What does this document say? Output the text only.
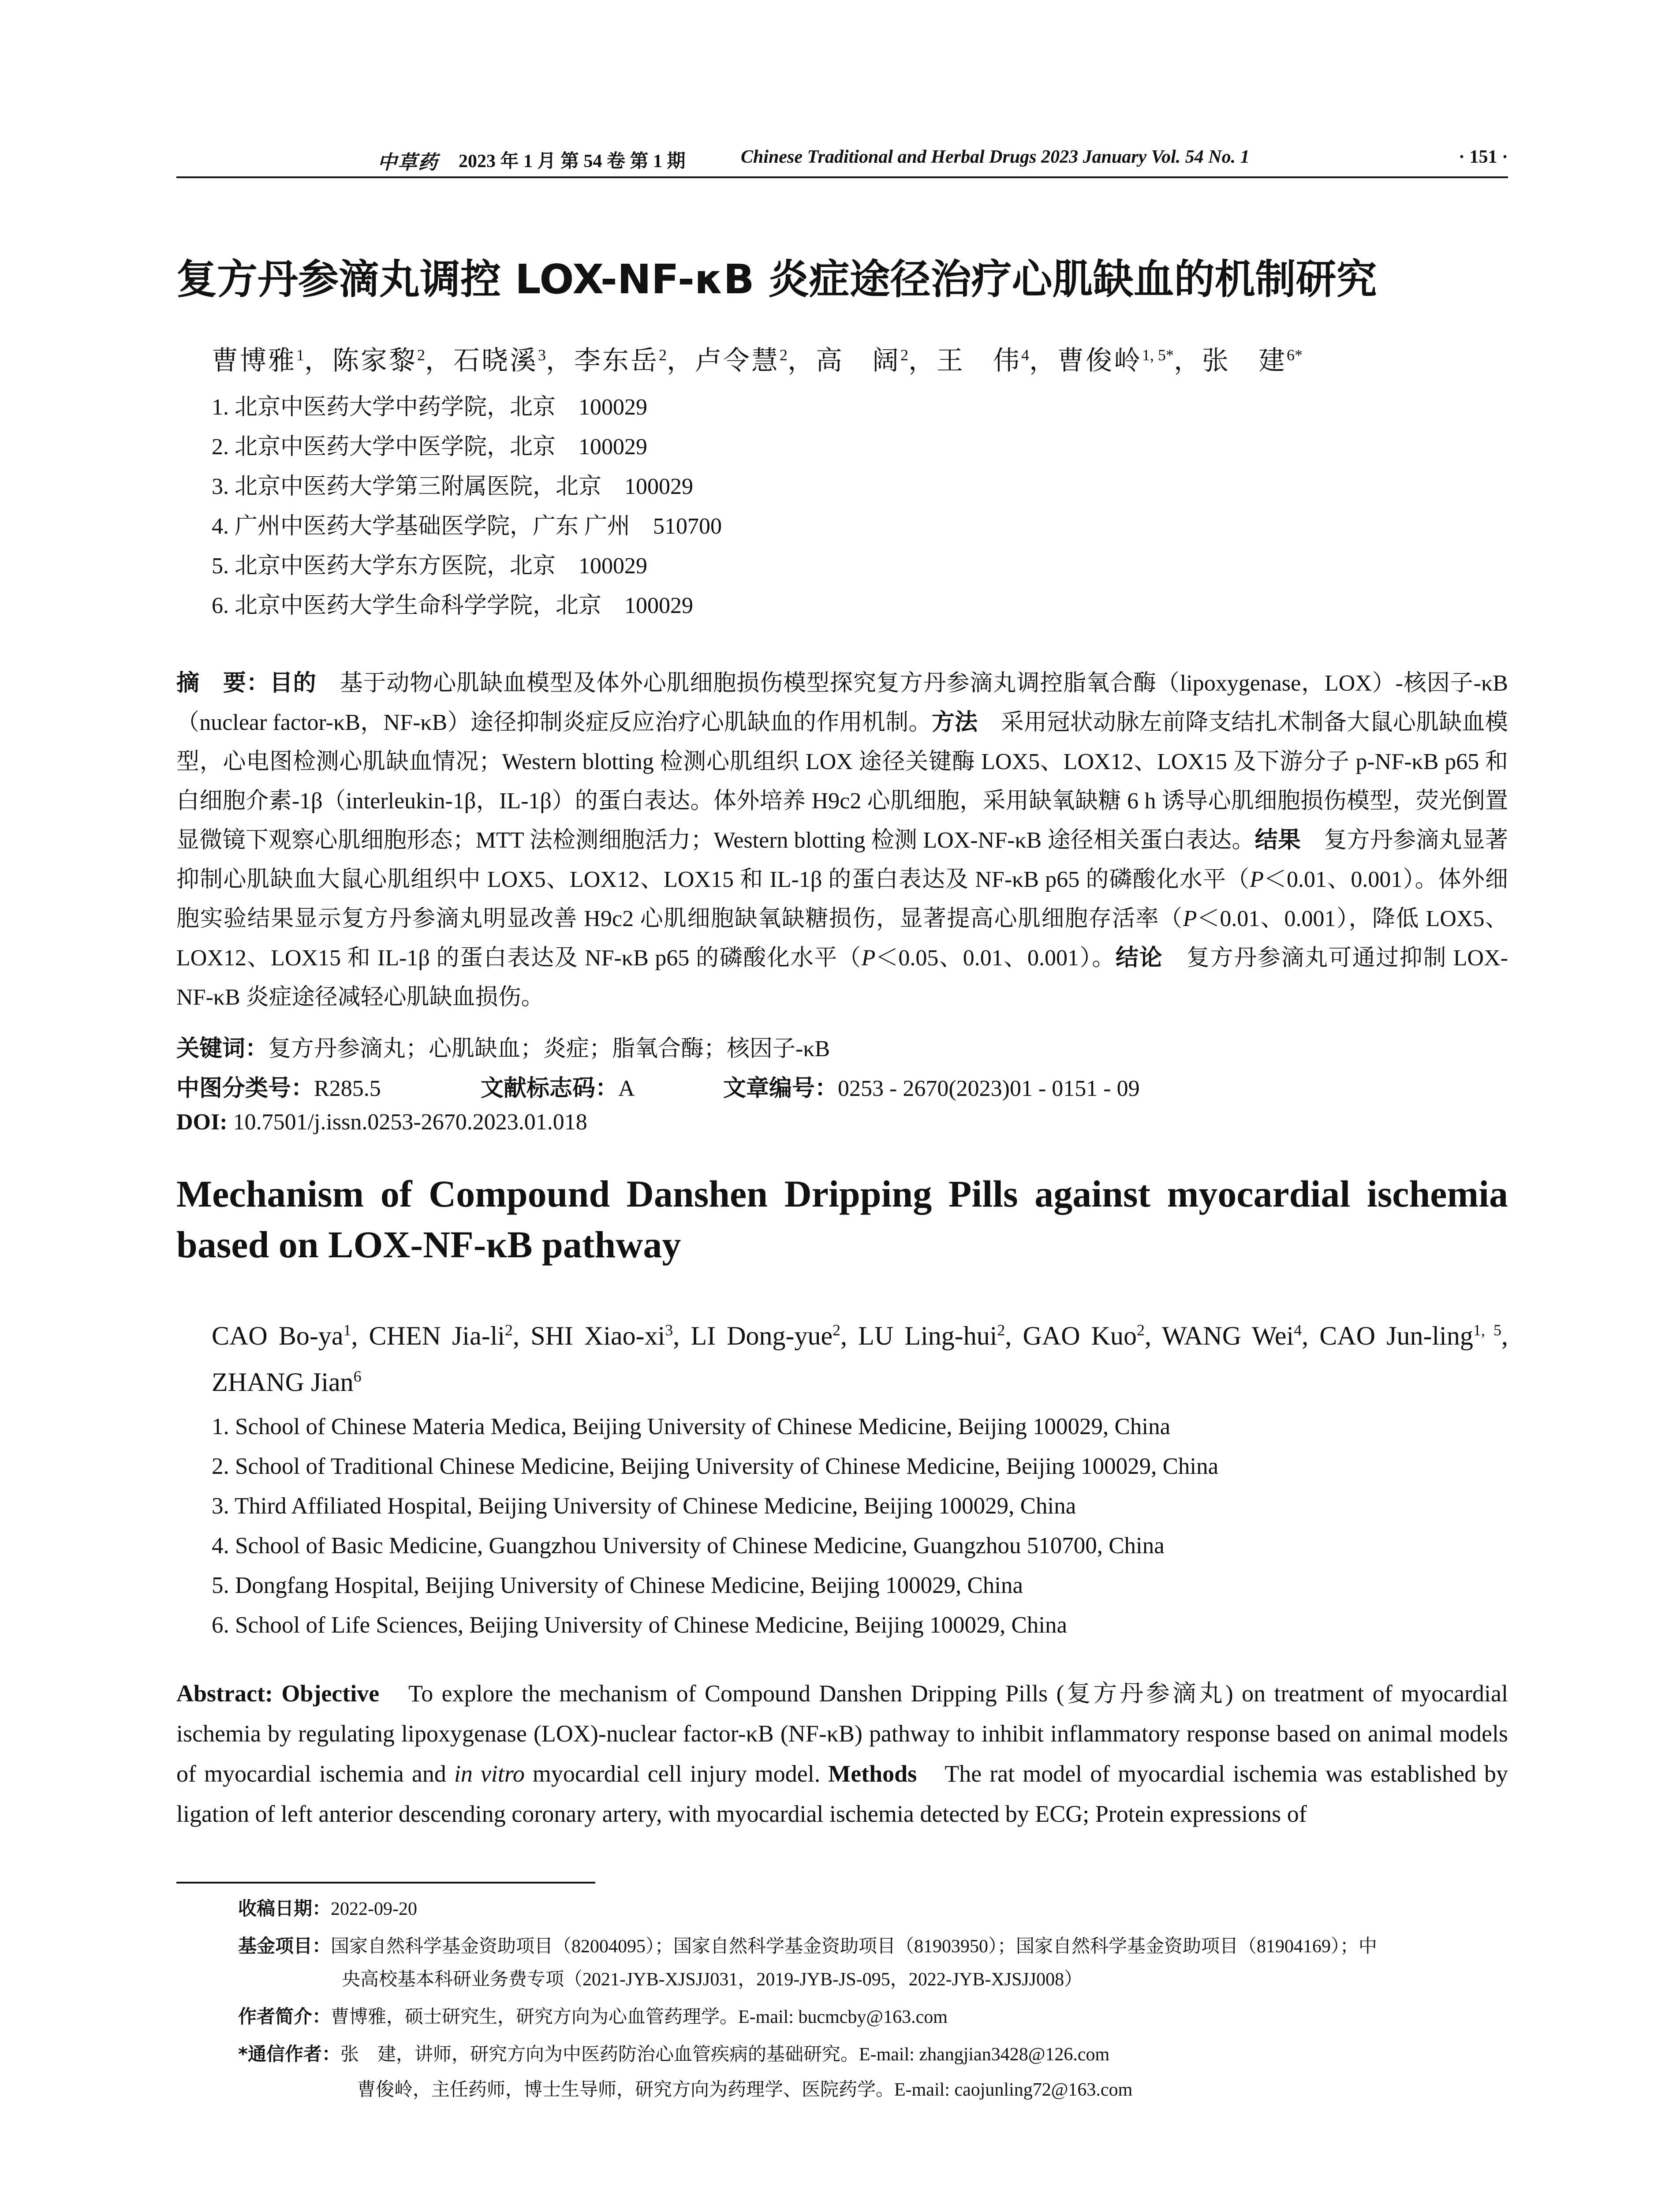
中草药 2023 年 1 月 第 54 卷 第 1 期	Chinese Traditional and Herbal Drugs 2023 January Vol. 54 No. 1	· 151 ·
复方丹参滴丸调控 LOX-NF-κB 炎症途径治疗心肌缺血的机制研究
曹博雅$^1$，陈家黎$^2$，石晓溪$^3$，李东岳$^2$，卢令慧$^2$，高　阔$^2$，王　伟$^4$，曹俊岭$^{1, 5*}$，张　建$^{6*}$
1. 北京中医药大学中药学院，北京　100029
2. 北京中医药大学中医学院，北京　100029
3. 北京中医药大学第三附属医院，北京　100029
4. 广州中医药大学基础医学院，广东 广州　510700
5. 北京中医药大学东方医院，北京　100029
6. 北京中医药大学生命科学学院，北京　100029
摘　要：目的　基于动物心肌缺血模型及体外心肌细胞损伤模型探究复方丹参滴丸调控脂氧合酶（lipoxygenase，LOX）-核因子-κB（nuclear factor-κB，NF-κB）途径抑制炎症反应治疗心肌缺血的作用机制。方法　采用冠状动脉左前降支结扎术制备大鼠心肌缺血模型，心电图检测心肌缺血情况；Western blotting 检测心肌组织 LOX 途径关键酶 LOX5、LOX12、LOX15 及下游分子 p-NF-κB p65 和白细胞介素-1β（interleukin-1β，IL-1β）的蛋白表达。体外培养 H9c2 心肌细胞，采用缺氧缺糖 6 h 诱导心肌细胞损伤模型，荧光倒置显微镜下观察心肌细胞形态；MTT 法检测细胞活力；Western blotting 检测 LOX-NF-κB 途径相关蛋白表达。结果　复方丹参滴丸显著抑制心肌缺血大鼠心肌组织中 LOX5、LOX12、LOX15 和 IL-1β 的蛋白表达及 NF-κB p65 的磷酸化水平（P＜0.01、0.001）。体外细胞实验结果显示复方丹参滴丸明显改善 H9c2 心肌细胞缺氧缺糖损伤，显著提高心肌细胞存活率（P＜0.01、0.001），降低 LOX5、LOX12、LOX15 和 IL-1β 的蛋白表达及 NF-κB p65 的磷酸化水平（P＜0.05、0.01、0.001）。结论　复方丹参滴丸可通过抑制 LOX-NF-κB 炎症途径减轻心肌缺血损伤。
关键词：复方丹参滴丸；心肌缺血；炎症；脂氧合酶；核因子-κB
中图分类号：R285.5	文献标志码：A	文章编号：0253 - 2670(2023)01 - 0151 - 09
DOI: 10.7501/j.issn.0253-2670.2023.01.018
Mechanism of Compound Danshen Dripping Pills against myocardial ischemia based on LOX-NF-κB pathway
CAO $Bo-ya^1$, CHEN Jia-$li^2$, SHI Xiao-$xi^3$, LI Dong-yue$^2$, LU Ling-hui$^2$, GAO Kuo$^2$, WANG Wei$^4$, CAO Jun-ling$^{1, 5}$, ZHANG Jian$^6$
1. School of Chinese Materia Medica, Beijing University of Chinese Medicine, Beijing 100029, China
2. School of Traditional Chinese Medicine, Beijing University of Chinese Medicine, Beijing 100029, China
3. Third Affiliated Hospital, Beijing University of Chinese Medicine, Beijing 100029, China
4. School of Basic Medicine, Guangzhou University of Chinese Medicine, Guangzhou 510700, China
5. Dongfang Hospital, Beijing University of Chinese Medicine, Beijing 100029, China
6. School of Life Sciences, Beijing University of Chinese Medicine, Beijing 100029, China
Abstract: Objective　To explore the mechanism of Compound Danshen Dripping Pills (复方丹参滴丸) on treatment of myocardial ischemia by regulating lipoxygenase (LOX)-nuclear factor-κB (NF-κB) pathway to inhibit inflammatory response based on animal models of myocardial ischemia and in vitro myocardial cell injury model. Methods　The rat model of myocardial ischemia was established by ligation of left anterior descending coronary artery, with myocardial ischemia detected by ECG; Protein expressions of
收稿日期：2022-09-20
基金项目：国家自然科学基金资助项目（82004095）；国家自然科学基金资助项目（81903950）；国家自然科学基金资助项目（81904169）；中
央高校基本科研业务费专项（2021-JYB-XJSJJ031，2019-JYB-JS-095，2022-JYB-XJSJJ008）
作者简介：曹博雅，硕士研究生，研究方向为心血管药理学。E-mail: bucmcby@163.com
*通信作者：张　建，讲师，研究方向为中医药防治心血管疾病的基础研究。E-mail: zhangjian3428@126.com
曹俊岭，主任药师，博士生导师，研究方向为药理学、医院药学。E-mail: caojunling72@163.com
